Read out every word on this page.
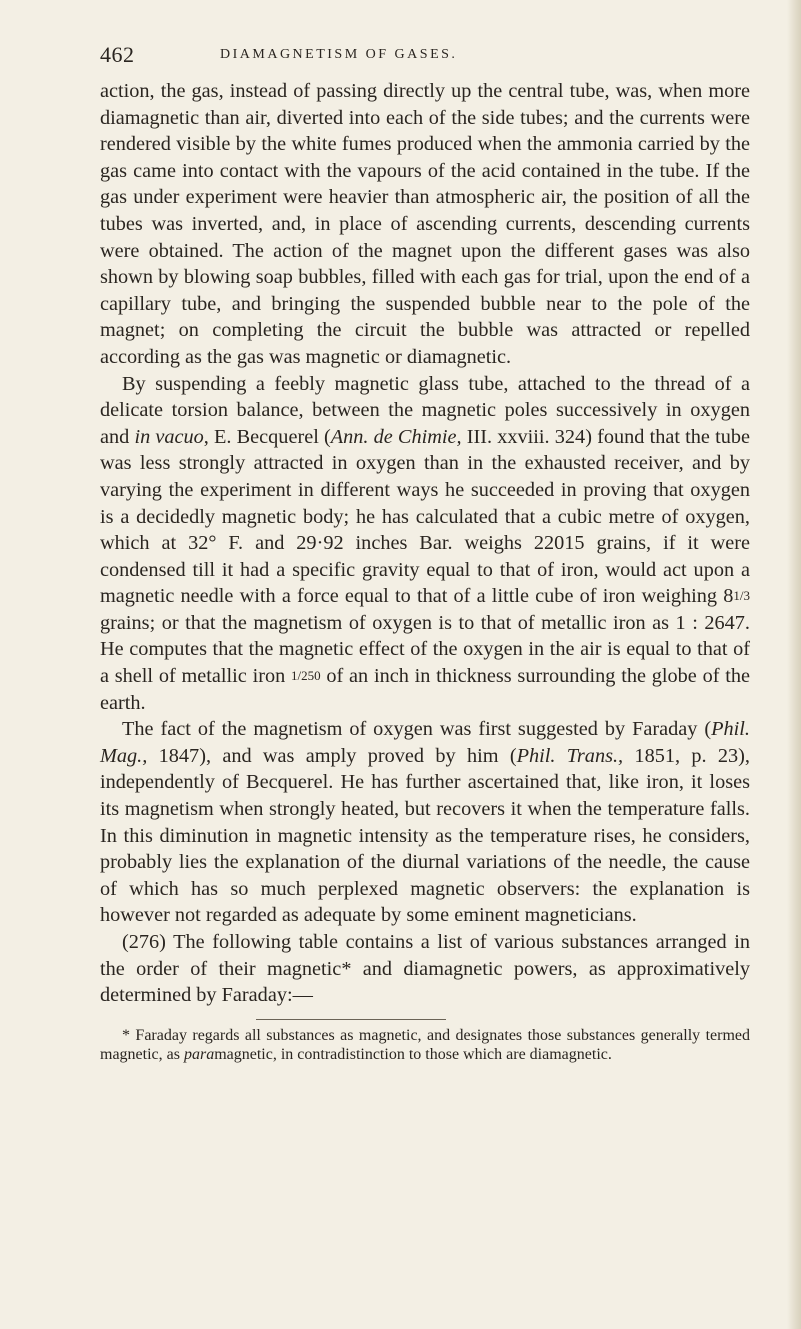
462	DIAMAGNETISM OF GASES.

action, the gas, instead of passing directly up the central tube, was, when more diamagnetic than air, diverted into each of the side tubes; and the currents were rendered visible by the white fumes produced when the ammonia carried by the gas came into contact with the vapours of the acid contained in the tube. If the gas under experiment were heavier than atmospheric air, the position of all the tubes was inverted, and, in place of ascending currents, descending currents were obtained. The action of the magnet upon the different gases was also shown by blowing soap bubbles, filled with each gas for trial, upon the end of a capillary tube, and bringing the suspended bubble near to the pole of the magnet; on completing the circuit the bubble was attracted or repelled according as the gas was magnetic or diamagnetic.

By suspending a feebly magnetic glass tube, attached to the thread of a delicate torsion balance, between the magnetic poles successively in oxygen and in vacuo, E. Becquerel (Ann. de Chimie, III. xxviii. 324) found that the tube was less strongly attracted in oxygen than in the exhausted receiver, and by varying the experiment in different ways he succeeded in proving that oxygen is a decidedly magnetic body; he has calculated that a cubic metre of oxygen, which at 32° F. and 29·92 inches Bar. weighs 22015 grains, if it were condensed till it had a specific gravity equal to that of iron, would act upon a magnetic needle with a force equal to that of a little cube of iron weighing 81/3 grains; or that the magnetism of oxygen is to that of metallic iron as 1 : 2647. He computes that the magnetic effect of the oxygen in the air is equal to that of a shell of metallic iron 1/250 of an inch in thickness surrounding the globe of the earth.

The fact of the magnetism of oxygen was first suggested by Faraday (Phil. Mag., 1847), and was amply proved by him (Phil. Trans., 1851, p. 23), independently of Becquerel. He has further ascertained that, like iron, it loses its magnetism when strongly heated, but recovers it when the temperature falls. In this diminution in magnetic intensity as the temperature rises, he considers, probably lies the explanation of the diurnal variations of the needle, the cause of which has so much perplexed magnetic observers: the explanation is however not regarded as adequate by some eminent magneticians.

(276) The following table contains a list of various substances arranged in the order of their magnetic* and diamagnetic powers, as approximatively determined by Faraday:—

* Faraday regards all substances as magnetic, and designates those substances generally termed magnetic, as paramagnetic, in contradistinction to those which are diamagnetic.
